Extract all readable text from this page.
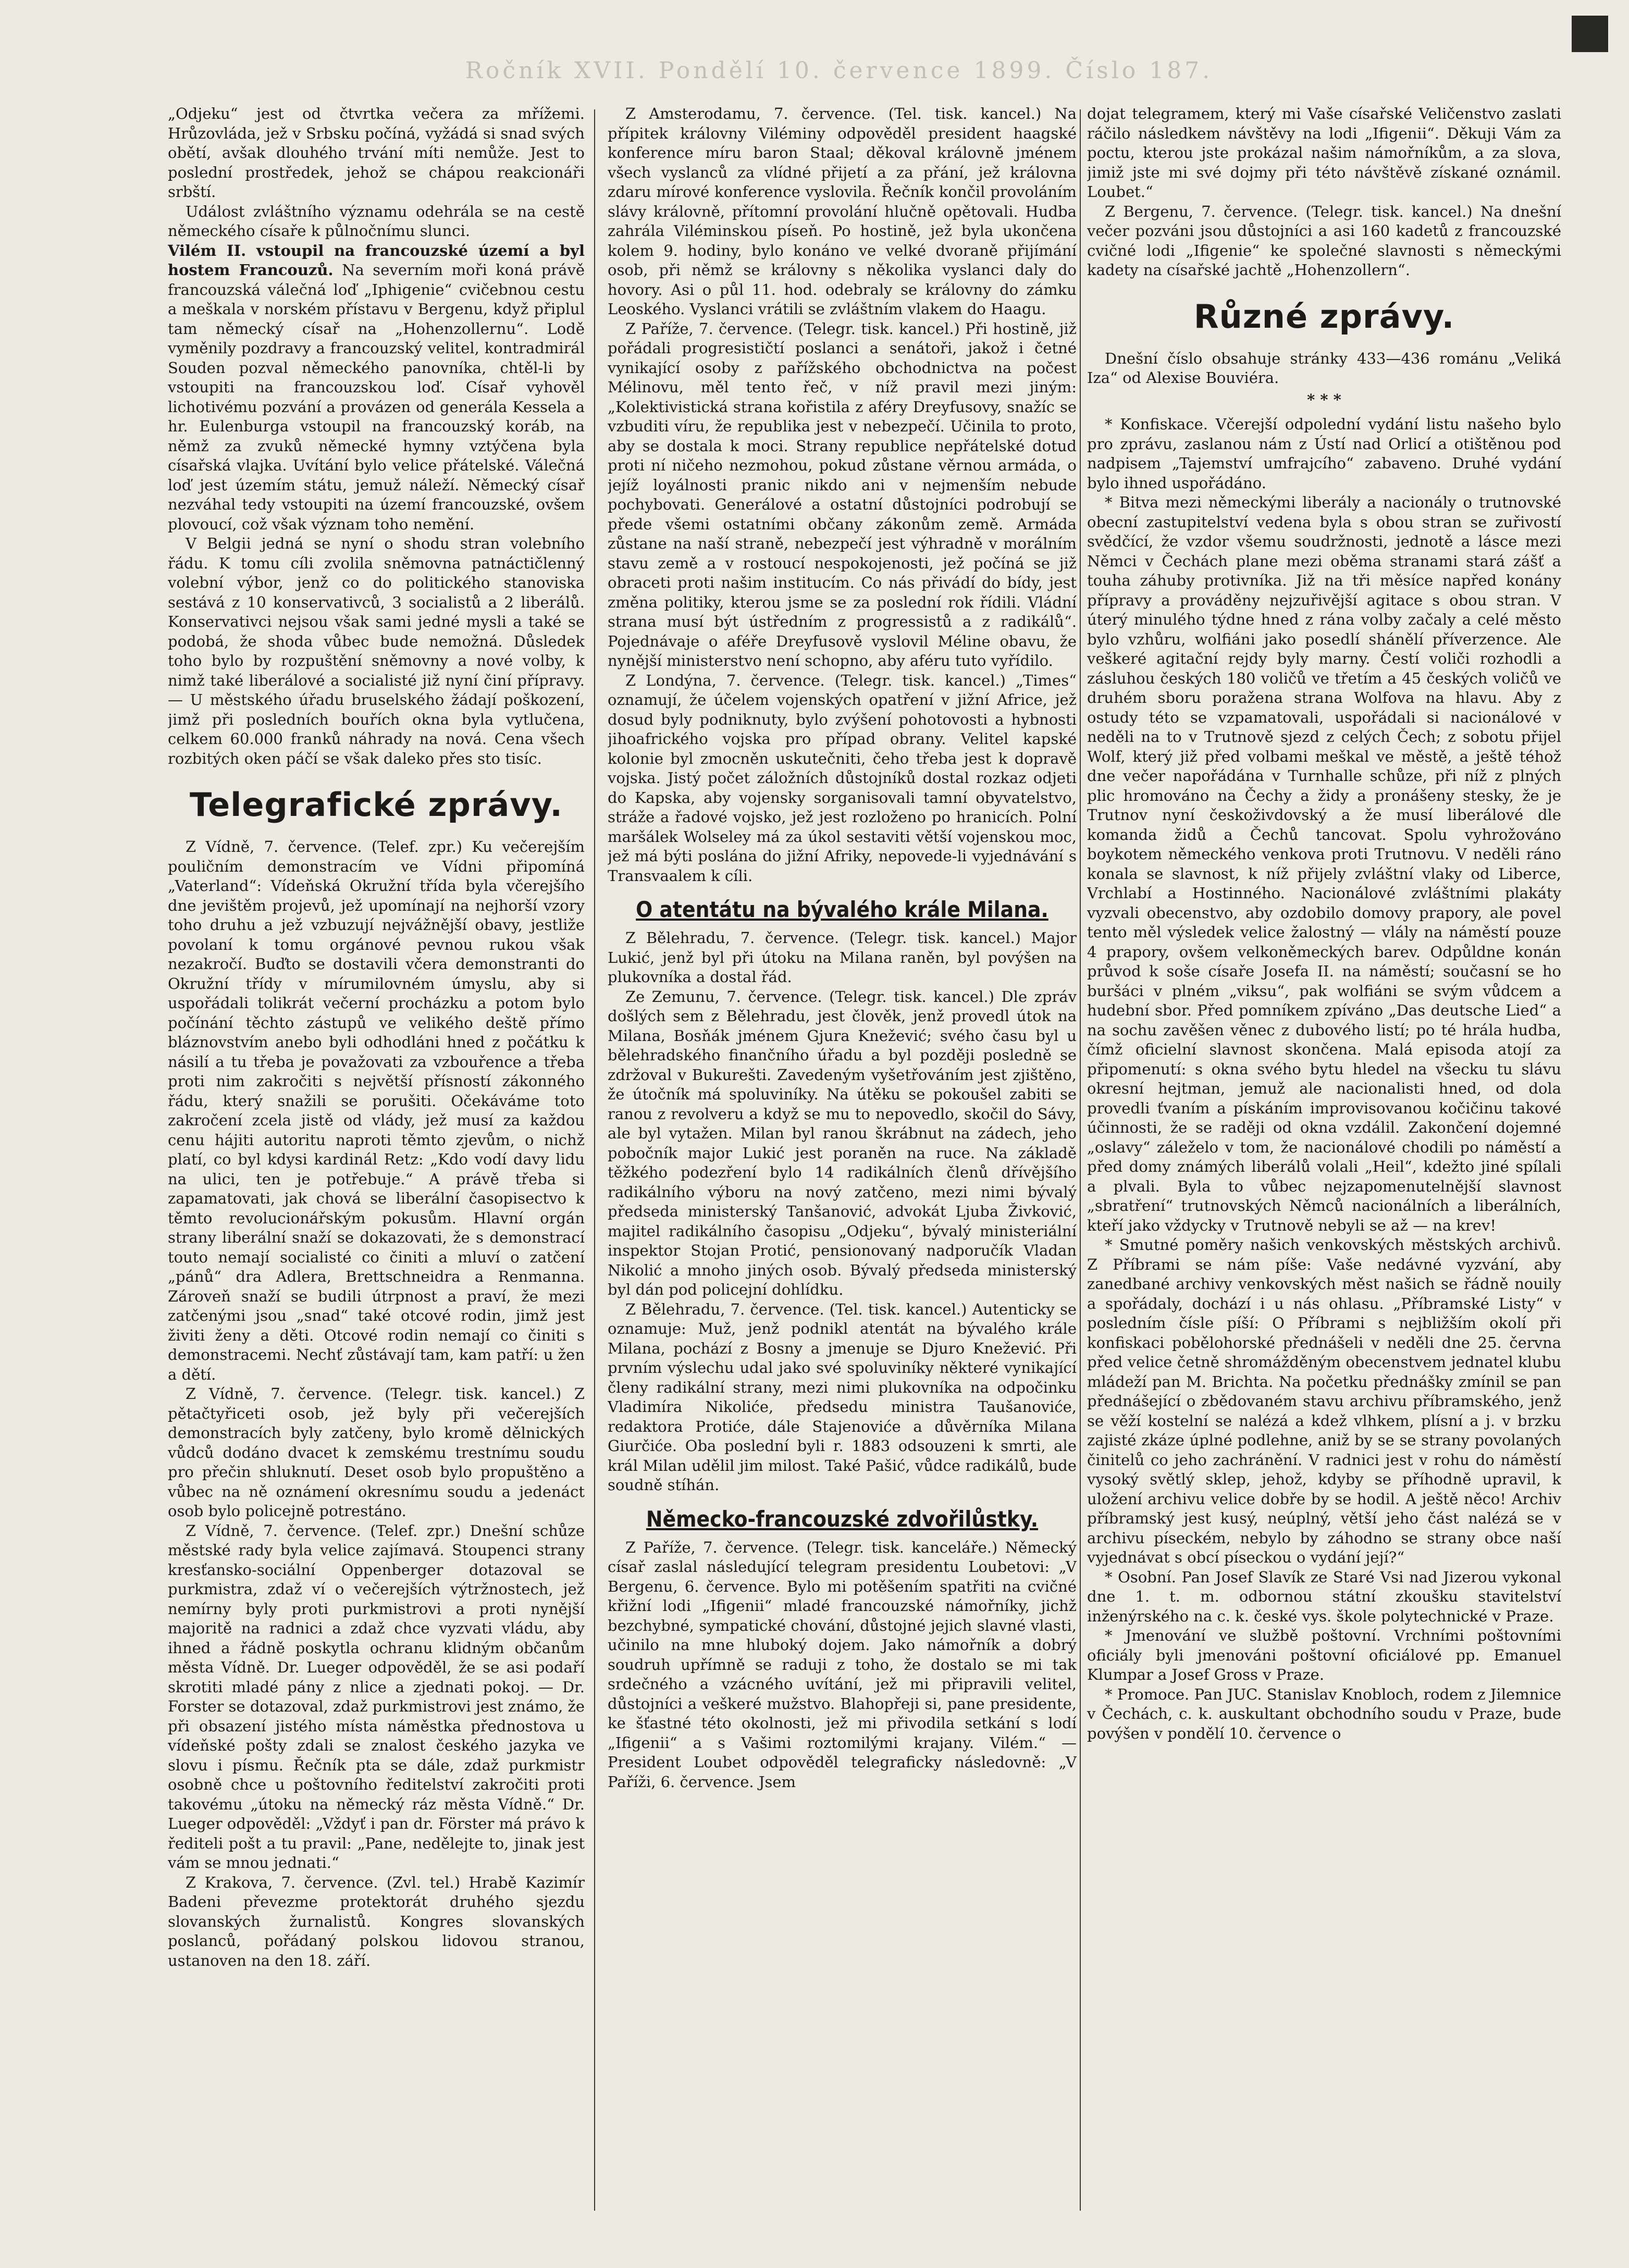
Ročník XVII. Pondělí 10. července 1899. Číslo 187.

„Odjeku“ jest od čtvrtka večera za mřížemi. Hrůzovláda, jež v Srbsku počíná, vyžádá si snad svých obětí, avšak dlouhého trvání míti nemůže. Jest to poslední prostředek, jehož se chápou reakcionáři srbští.

Událost zvláštního významu odehrála se na cestě německého císaře k půlnočnímu slunci.

Vilém II. vstoupil na francouzské území a byl hostem Francouzů. Na severním moři koná právě francouzská válečná loď „Iphigenie“ cvičebnou cestu a meškala v norském přístavu v Bergenu, když připlul tam německý císař na „Hohenzollernu“. Lodě vyměnily pozdravy a francouzský velitel, kontradmirál Souden pozval německého panovníka, chtěl-li by vstoupiti na francouzskou loď. Císař vyhověl lichotivému pozvání a provázen od generála Kessela a hr. Eulenburga vstoupil na francouzský koráb, na němž za zvuků německé hymny vztýčena byla císařská vlajka. Uvítání bylo velice přátelské. Válečná loď jest územím státu, jemuž náleží. Německý císař nezváhal tedy vstoupiti na území francouzské, ovšem plovoucí, což však význam toho nemění.

V Belgii jedná se nyní o shodu stran volebního řádu. K tomu cíli zvolila sněmovna patnáctičlenný volební výbor, jenž co do politického stanoviska sestává z 10 konservativců, 3 socialistů a 2 liberálů. Konservativci nejsou však sami jedné mysli a také se podobá, že shoda vůbec bude nemožná. Důsledek toho bylo by rozpuštění sněmovny a nové volby, k nimž také liberálové a socialisté již nyní činí přípravy. — U městského úřadu bruselského žádají poškození, jimž při posledních bouřích okna byla vytlučena, celkem 60.000 franků náhrady na nová. Cena všech rozbitých oken páčí se však daleko přes sto tisíc.

Telegrafické zprávy.

Z Vídně, 7. července. (Telef. zpr.) Ku večerejším pouličním demonstracím ve Vídni připomíná „Vaterland“: Vídeňská Okružní třída byla včerejšího dne jevištěm projevů, jež upomínají na nejhorší vzory toho druhu a jež vzbuzují nejvážnější obavy, jestliže povolaní k tomu orgánové pevnou rukou však nezakročí. Buďto se dostavili včera demonstranti do Okružní třídy v mírumilovném úmyslu, aby si uspořádali tolikrát večerní procházku a potom bylo počínání těchto zástupů ve velikého deště přímo bláznovstvím anebo byli odhodláni hned z počátku k násilí a tu třeba je považovati za vzbouřence a třeba proti nim zakročiti s největší přísností zákonného řádu, který snažili se porušiti. Očekáváme toto zakročení zcela jistě od vlády, jež musí za každou cenu hájiti autoritu naproti těmto zjevům, o nichž platí, co byl kdysi kardinál Retz: „Kdo vodí davy lidu na ulici, ten je potřebuje.“ A právě třeba si zapamatovati, jak chová se liberální časopisectvo k těmto revolucionářským pokusům. Hlavní orgán strany liberální snaží se dokazovati, že s demonstrací touto nemají socialisté co činiti a mluví o zatčení „pánů“ dra Adlera, Brettschneidra a Renmanna. Zároveň snaží se budili útrpnost a praví, že mezi zatčenými jsou „snad“ také otcové rodin, jimž jest živiti ženy a děti. Otcové rodin nemají co činiti s demonstracemi. Nechť zůstávají tam, kam patří: u žen a dětí.

Z Vídně, 7. července. (Telegr. tisk. kancel.) Z pětačtyřiceti osob, jež byly při večerejších demonstracích byly zatčeny, bylo kromě dělnických vůdců dodáno dvacet k zemskému trestnímu soudu pro přečin shluknutí. Deset osob bylo propuštěno a vůbec na ně oznámení okresnímu soudu a jedenáct osob bylo policejně potrestáno.

Z Vídně, 7. července. (Telef. zpr.) Dnešní schůze městské rady byla velice zajímavá. Stoupenci strany kresťansko-sociální Oppenberger dotazoval se purkmistra, zdaž ví o večerejších výtržnostech, jež nemírny byly proti purkmistrovi a proti nynější majoritě na radnici a zdaž chce vyzvati vládu, aby ihned a řádně poskytla ochranu klidným občanům města Vídně. Dr. Lueger odpověděl, že se asi podaří skrotiti mladé pány z nlice a zjednati pokoj. — Dr. Forster se dotazoval, zdaž purkmistrovi jest známo, že při obsazení jistého místa náměstka přednostova u vídeňské pošty zdali se znalost českého jazyka ve slovu i písmu. Řečník pta se dále, zdaž purkmistr osobně chce u poštovního ředitelství zakročiti proti takovému „útoku na německý ráz města Vídně.“ Dr. Lueger odpověděl: „Vždyť i pan dr. Förster má právo k řediteli pošt a tu pravil: „Pane, nedělejte to, jinak jest vám se mnou jednati.“

Z Krakova, 7. července. (Zvl. tel.) Hrabě Kazimír Badeni převezme protektorát druhého sjezdu slovanských žurnalistů. Kongres slovanských poslanců, pořádaný polskou lidovou stranou, ustanoven na den 18. září.

Z Amsterodamu, 7. července. (Tel. tisk. kancel.) Na přípitek královny Viléminy odpověděl president haagské konference míru baron Staal; děkoval královně jménem všech vyslanců za vlídné přijetí a za přání, jež královna zdaru mírové konference vyslovila. Řečník končil provoláním slávy královně, přítomní provolání hlučně opětovali. Hudba zahrála Viléminskou píseň. Po hostině, jež byla ukončena kolem 9. hodiny, bylo konáno ve velké dvoraně přijímání osob, při němž se královny s několika vyslanci daly do hovory. Asi o půl 11. hod. odebraly se královny do zámku Leoského. Vyslanci vrátili se zvláštním vlakem do Haagu.

Z Paříže, 7. července. (Telegr. tisk. kancel.) Při hostině, již pořádali progresističtí poslanci a senátoři, jakož i četné vynikající osoby z pařížského obchodnictva na počest Mélinovu, měl tento řeč, v níž pravil mezi jiným: „Kolektivistická strana kořistila z aféry Dreyfusovy, snažíc se vzbuditi víru, že republika jest v nebezpečí. Učinila to proto, aby se dostala k moci. Strany republice nepřátelské dotud proti ní ničeho nezmohou, pokud zůstane věrnou armáda, o jejíž loyálnosti pranic nikdo ani v nejmenším nebude pochybovati. Generálové a ostatní důstojníci podrobují se přede všemi ostatními občany zákonům země. Armáda zůstane na naší straně, nebezpečí jest výhradně v morálním stavu země a v rostoucí nespokojenosti, jež počíná se již obraceti proti našim institucím. Co nás přivádí do bídy, jest změna politiky, kterou jsme se za poslední rok řídili. Vládní strana musí být ústředním z progressistů a z radikálů“. Pojednávaje o aféře Dreyfusově vyslovil Méline obavu, že nynější ministerstvo není schopno, aby aféru tuto vyřídilo.

Z Londýna, 7. července. (Telegr. tisk. kancel.) „Times“ oznamují, že účelem vojenských opatření v jižní Africe, jež dosud byly podniknuty, bylo zvýšení pohotovosti a hybnosti jihoafrického vojska pro případ obrany. Velitel kapské kolonie byl zmocněn uskutečniti, čeho třeba jest k dopravě vojska. Jistý počet záložních důstojníků dostal rozkaz odjeti do Kapska, aby vojensky sorganisovali tamní obyvatelstvo, stráže a řadové vojsko, jež jest rozloženo po hranicích. Polní maršálek Wolseley má za úkol sestaviti větší vojenskou moc, jež má býti poslána do jižní Afriky, nepovede-li vyjednávání s Transvaalem k cíli.

O atentátu na bývalého krále Milana.

Z Bělehradu, 7. července. (Telegr. tisk. kancel.) Major Lukić, jenž byl při útoku na Milana raněn, byl povýšen na plukovníka a dostal řád.

Ze Zemunu, 7. července. (Telegr. tisk. kancel.) Dle zpráv došlých sem z Bělehradu, jest člověk, jenž provedl útok na Milana, Bosňák jménem Gjura Knežević; svého času byl u bělehradského finančního úřadu a byl později posledně se zdržoval v Bukurešti. Zavedeným vyšetřováním jest zjištěno, že útočník má spoluviníky. Na útěku se pokoušel zabiti se ranou z revolveru a když se mu to nepovedlo, skočil do Sávy, ale byl vytažen. Milan byl ranou škrábnut na zádech, jeho pobočník major Lukić jest poraněn na ruce. Na základě těžkého podezření bylo 14 radikálních členů dřívějšího radikálního výboru na nový zatčeno, mezi nimi bývalý předseda ministerský Tanšanović, advokát Ljuba Živković, majitel radikálního časopisu „Odjeku“, bývalý ministeriální inspektor Stojan Protić, pensionovaný nadporučík Vladan Nikolić a mnoho jiných osob. Bývalý předseda ministerský byl dán pod policejní dohlídku.

Z Bělehradu, 7. července. (Tel. tisk. kancel.) Autenticky se oznamuje: Muž, jenž podnikl atentát na bývalého krále Milana, pochází z Bosny a jmenuje se Djuro Knežević. Při prvním výslechu udal jako své spoluviníky některé vynikající členy radikální strany, mezi nimi plukovníka na odpočinku Vladimíra Nikoliće, předsedu ministra Taušanoviće, redaktora Protiće, dále Stajenoviće a důvěrníka Milana Giurčiće. Oba poslední byli r. 1883 odsouzeni k smrti, ale král Milan udělil jim milost. Také Pašić, vůdce radikálů, bude soudně stíhán.

Německo-francouzské zdvořilůstky.

Z Paříže, 7. července. (Telegr. tisk. kanceláře.) Německý císař zaslal následující telegram presidentu Loubetovi: „V Bergenu, 6. července. Bylo mi potěšením spatřiti na cvičné křižní lodi „Ifigenii“ mladé francouzské námořníky, jichž bezchybné, sympatické chování, důstojné jejich slavné vlasti, učinilo na mne hluboký dojem. Jako námořník a dobrý soudruh upřímně se raduji z toho, že dostalo se mi tak srdečného a vzácného uvítání, jež mi připravili velitel, důstojníci a veškeré mužstvo. Blahopřeji si, pane presidente, ke šťastné této okolnosti, jež mi přivodila setkání s lodí „Ifigenii“ a s Vašimi roztomilými krajany. Vilém.“ — President Loubet odpověděl telegraficky následovně: „V Paříži, 6. července. Jsem

dojat telegramem, který mi Vaše císařské Veličenstvo zaslati ráčilo následkem návštěvy na lodi „Ifigenii“. Děkuji Vám za poctu, kterou jste prokázal našim námořníkům, a za slova, jimiž jste mi své dojmy při této návštěvě získané oznámil. Loubet.“

Z Bergenu, 7. července. (Telegr. tisk. kancel.) Na dnešní večer pozváni jsou důstojníci a asi 160 kadetů z francouzské cvičné lodi „Ifigenie“ ke společné slavnosti s německými kadety na císařské jachtě „Hohenzollern“.

Různé zprávy.

Dnešní číslo obsahuje stránky 433—436 románu „Veliká Iza“ od Alexise Bouviéra.

* * *

* Konfiskace. Včerejší odpolední vydání listu našeho bylo pro zprávu, zaslanou nám z Ústí nad Orlicí a otištěnou pod nadpisem „Tajemství umfrajcího“ zabaveno. Druhé vydání bylo ihned uspořádáno.

* Bitva mezi německými liberály a nacionály o trutnovské obecní zastupitelství vedena byla s obou stran se zuřivostí svědčící, že vzdor všemu soudržnosti, jednotě a lásce mezi Němci v Čechách plane mezi oběma stranami stará zášť a touha záhuby protivníka. Již na tři měsíce napřed konány přípravy a prováděny nejzuřivější agitace s obou stran. V úterý minulého týdne hned z rána volby začaly a celé město bylo vzhůru, wolfiáni jako posedlí shánělí příverzence. Ale veškeré agitační rejdy byly marny. Čestí voliči rozhodli a zásluhou českých 180 voličů ve třetím a 45 českých voličů ve druhém sboru poražena strana Wolfova na hlavu. Aby z ostudy této se vzpamatovali, uspořádali si nacionálové v neděli na to v Trutnově sjezd z celých Čech; z sobotu přijel Wolf, který již před volbami meškal ve městě, a ještě téhož dne večer napořádána v Turnhalle schůze, při níž z plných plic hromováno na Čechy a židy a pronášeny stesky, že je Trutnov nyní českoživdovský a že musí liberálové dle komanda židů a Čechů tancovat. Spolu vyhrožováno boykotem německého venkova proti Trutnovu. V neděli ráno konala se slavnost, k níž přijely zvláštní vlaky od Liberce, Vrchlabí a Hostinného. Nacionálové zvláštními plakáty vyzvali obecenstvo, aby ozdobilo domovy prapory, ale povel tento měl výsledek velice žalostný — vlály na náměstí pouze 4 prapory, ovšem velkoněmeckých barev. Odpůldne konán průvod k soše císaře Josefa II. na náměstí; současní se ho buršáci v plném „viksu“, pak wolfiáni se svým vůdcem a hudební sbor. Před pomníkem zpíváno „Das deutsche Lied“ a na sochu zavěšen věnec z dubového listí; po té hrála hudba, čímž oficielní slavnost skončena. Malá episoda atojí za připomenutí: s okna svého bytu hledel na všecku tu slávu okresní hejtman, jemuž ale nacionalisti hned, od dola provedli ťvaním a pískáním improvisovanou kočičinu takové účinnosti, že se raději od okna vzdálil. Zakončení dojemné „oslavy“ záleželo v tom, že nacionálové chodili po náměstí a před domy známých liberálů volali „Heil“, kdežto jiné spílali a plvali. Byla to vůbec nejzapomenutelnější slavnost „sbratření“ trutnovských Němců nacionálních a liberálních, kteří jako vždycky v Trutnově nebyli se až — na krev!

* Smutné poměry našich venkovských městských archivů. Z Příbrami se nám píše: Vaše nedávné vyzvání, aby zanedbané archivy venkovských měst našich se řádně nouily a spořádaly, dochází i u nás ohlasu. „Příbramské Listy“ v posledním čísle píší: O Příbrami s nejbližším okolí při konfiskaci pobělohorské přednášeli v neděli dne 25. června před velice četně shromážděným obecenstvem jednatel klubu mládeží pan M. Brichta. Na početku přednášky zmínil se pan přednášející o zbědovaném stavu archivu příbramského, jenž se věží kostelní se nalézá a kdež vlhkem, plísní a j. v brzku zajisté zkáze úplné podlehne, aniž by se se strany povolaných činitelů co jeho zachránění. V radnici jest v rohu do náměstí vysoký světlý sklep, jehož, kdyby se příhodně upravil, k uložení archivu velice dobře by se hodil. A ještě něco! Archiv příbramský jest kusý, neúplný, větší jeho část nalézá se v archivu píseckém, nebylo by záhodno se strany obce naší vyjednávat s obcí píseckou o vydání její?“

* Osobní. Pan Josef Slavík ze Staré Vsi nad Jizerou vykonal dne 1. t. m. odbornou státní zkoušku stavitelství inženýrského na c. k. české vys. škole polytechnické v Praze.

* Jmenování ve službě poštovní. Vrchními poštovními oficiály byli jmenováni poštovní oficiálové pp. Emanuel Klumpar a Josef Gross v Praze.

* Promoce. Pan JUC. Stanislav Knobloch, rodem z Jilemnice v Čechách, c. k. auskultant obchodního soudu v Praze, bude povýšen v pondělí 10. července o
